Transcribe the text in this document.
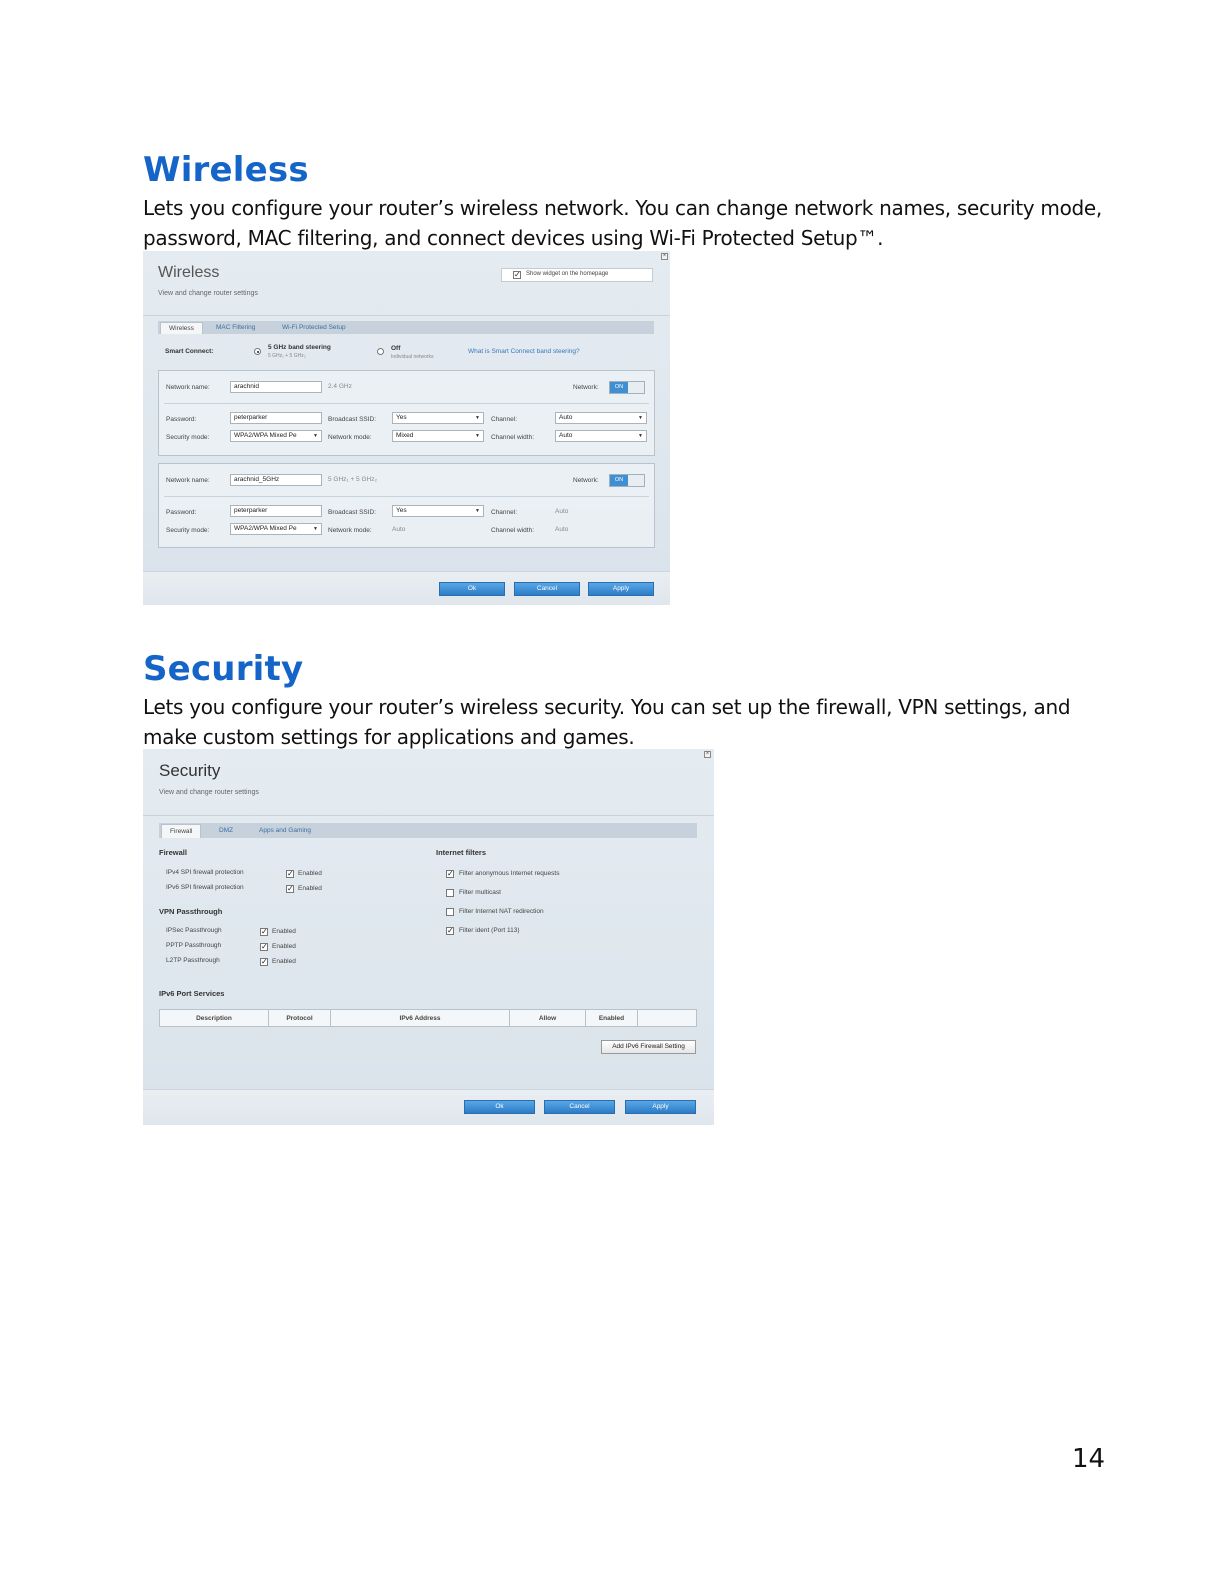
Wireless
Lets you configure your router’s wireless network. You can change network names, security mode, password, MAC filtering, and connect devices using Wi-Fi Protected Setup™.
Wireless
View and change router settings
×
✓ Show widget on the homepage
Wireless	MAC Filtering	Wi-Fi Protected Setup
Smart Connect:
5 GHz band steering
5 GHz₁ + 5 GHz₂
Off
Individual networks
What is Smart Connect band steering?
Network name:	arachnid	2.4 GHz	Network:	ON
Password:	peterparker	Broadcast SSID:	Yes	▼ Channel:	Auto	▼
Security mode:	WPA2/WPA Mixed Pe	▼ Network mode:	Mixed	▼ Channel width:	Auto	▼
Network name:	arachnid_5GHz	5 GHz₁ + 5 GHz₂	Network:	ON
Password:	peterparker	Broadcast SSID:	Yes	▼ Channel:	Auto
Security mode:	WPA2/WPA Mixed Pe	▼ Network mode:	Auto	Channel width:	Auto
Ok	Cancel	Apply
Security
Lets you configure your router’s wireless security. You can set up the firewall, VPN settings, and make custom settings for applications and games.
Security
View and change router settings
×
Firewall	DMZ	Apps and Gaming
Firewall
IPv4 SPI firewall protection	✓ Enabled
IPv6 SPI firewall protection	✓ Enabled
VPN Passthrough
IPSec Passthrough	✓ Enabled
PPTP Passthrough	✓ Enabled
L2TP Passthrough	✓ Enabled
Internet filters
✓ Filter anonymous Internet requests
Filter multicast
Filter Internet NAT redirection
✓ Filter ident (Port 113)
IPv6 Port Services
Description	Protocol	IPv6 Address	Allow	Enabled
Add IPv6 Firewall Setting
Ok	Cancel	Apply
14
